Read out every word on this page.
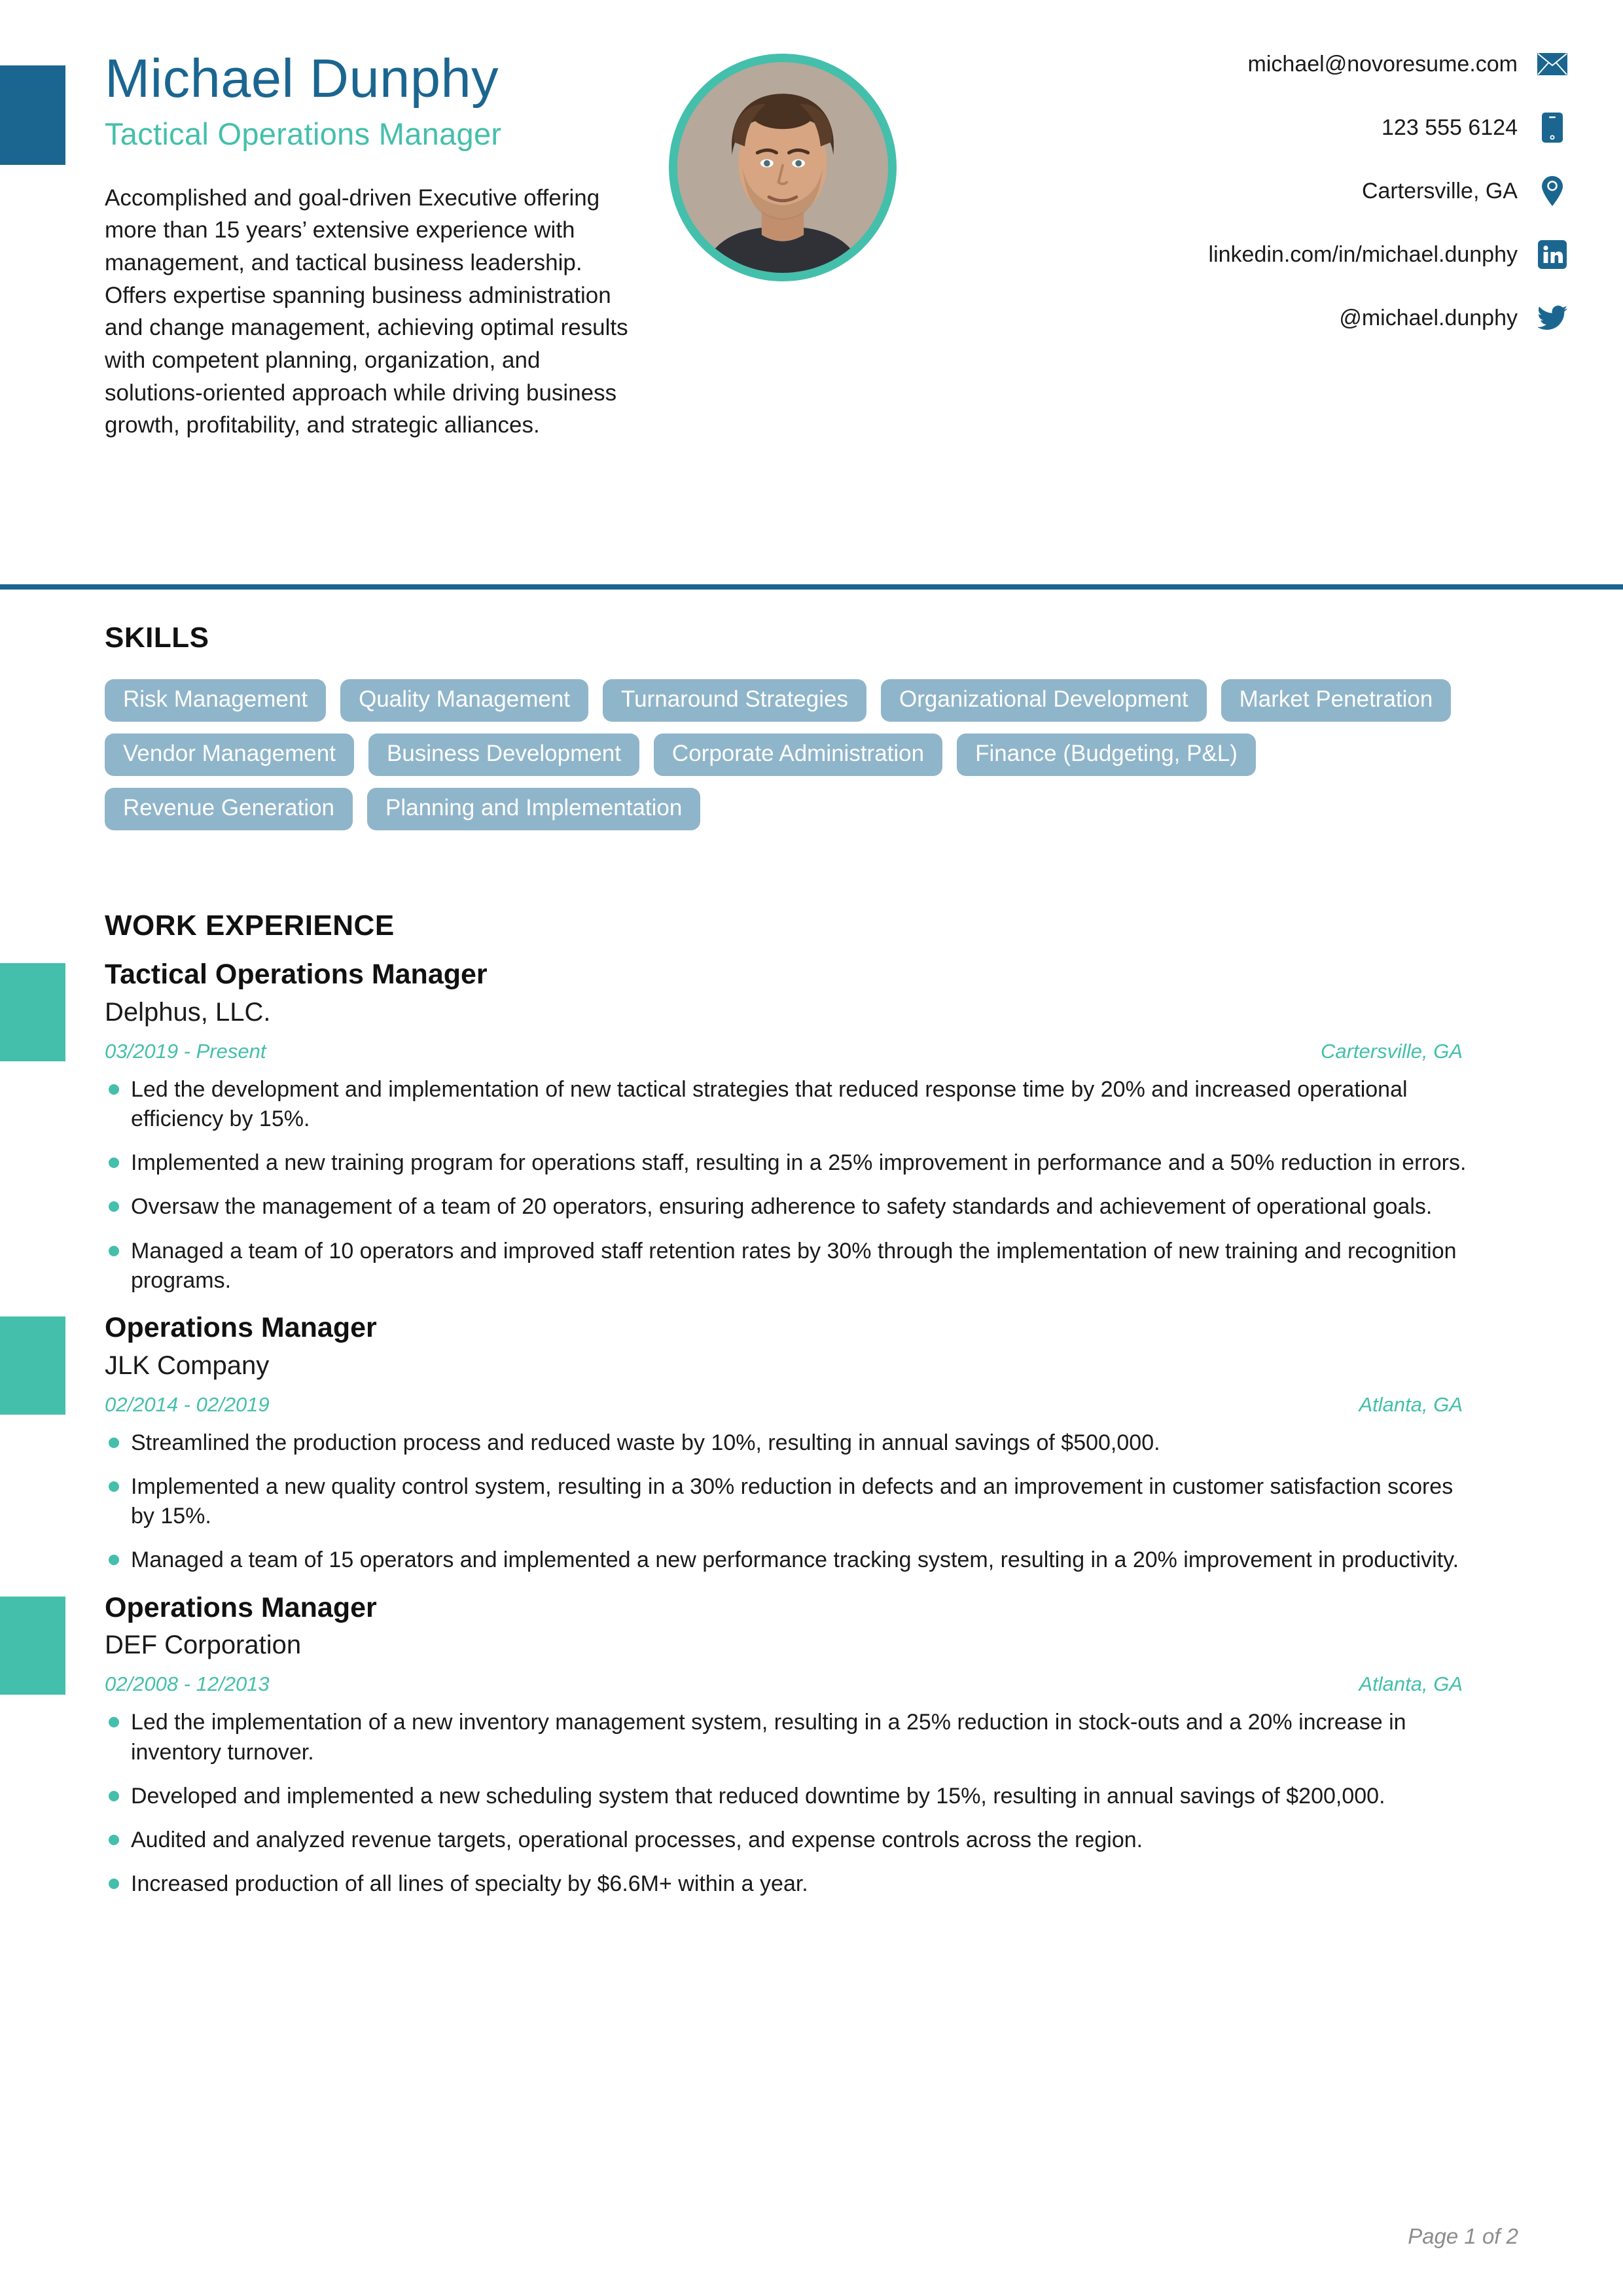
Michael Dunphy
Tactical Operations Manager

Accomplished and goal-driven Executive offering more than 15 years’ extensive experience with management, and tactical business leadership. Offers expertise spanning business administration and change management, achieving optimal results with competent planning, organization, and solutions-oriented approach while driving business growth, profitability, and strategic alliances.

michael@novoresume.com
123 555 6124
Cartersville, GA
linkedin.com/in/michael.dunphy
@michael.dunphy
SKILLS
Risk Management	Quality Management	Turnaround Strategies	Organizational Development	Market Penetration
Vendor Management	Business Development	Corporate Administration	Finance (Budgeting, P&L)
Revenue Generation	Planning and Implementation
WORK EXPERIENCE
Tactical Operations Manager
Delphus, LLC.
03/2019 - Present	Cartersville, GA
Led the development and implementation of new tactical strategies that reduced response time by 20% and increased operational efficiency by 15%.
Implemented a new training program for operations staff, resulting in a 25% improvement in performance and a 50% reduction in errors.
Oversaw the management of a team of 20 operators, ensuring adherence to safety standards and achievement of operational goals.
Managed a team of 10 operators and improved staff retention rates by 30% through the implementation of new training and recognition programs.
Operations Manager
JLK Company
02/2014 - 02/2019	Atlanta, GA
Streamlined the production process and reduced waste by 10%, resulting in annual savings of $500,000.
Implemented a new quality control system, resulting in a 30% reduction in defects and an improvement in customer satisfaction scores by 15%.
Managed a team of 15 operators and implemented a new performance tracking system, resulting in a 20% improvement in productivity.
Operations Manager
DEF Corporation
02/2008 - 12/2013	Atlanta, GA
Led the implementation of a new inventory management system, resulting in a 25% reduction in stock-outs and a 20% increase in inventory turnover.
Developed and implemented a new scheduling system that reduced downtime by 15%, resulting in annual savings of $200,000.
Audited and analyzed revenue targets, operational processes, and expense controls across the region.
Increased production of all lines of specialty by $6.6M+ within a year.
Page 1 of 2
